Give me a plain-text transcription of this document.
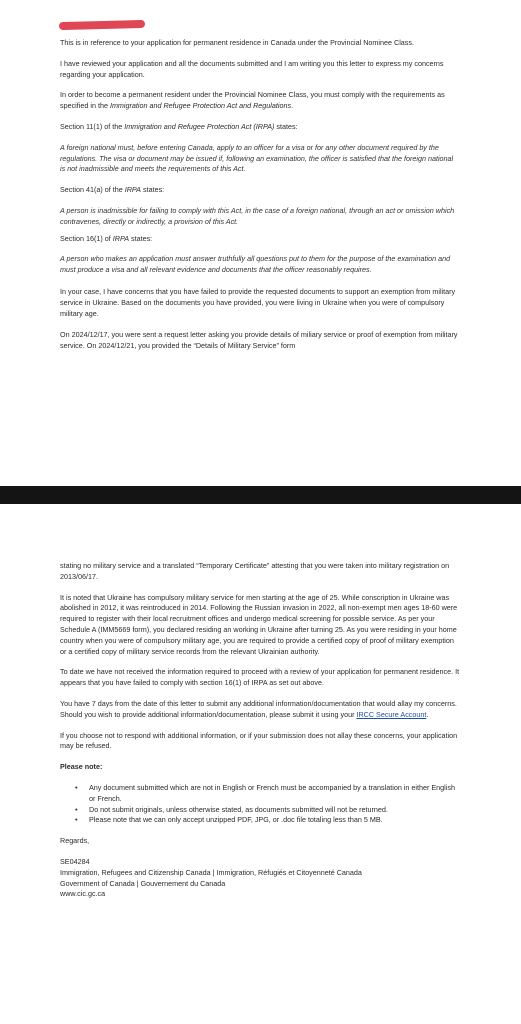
This is in reference to your application for permanent residence in Canada under the Provincial Nominee Class.

I have reviewed your application and all the documents submitted and I am writing you this letter to express my concerns regarding your application.

In order to become a permanent resident under the Provincial Nominee Class, you must comply with the requirements as specified in the Immigration and Refugee Protection Act and Regulations.

Section 11(1) of the Immigration and Refugee Protection Act (IRPA) states:

A foreign national must, before entering Canada, apply to an officer for a visa or for any other document required by the regulations. The visa or document may be issued if, following an examination, the officer is satisfied that the foreign national is not inadmissible and meets the requirements of this Act.

Section 41(a) of the IRPA states:

A person is inadmissible for failing to comply with this Act, in the case of a foreign national, through an act or omission which contravenes, directly or indirectly, a provision of this Act.

Section 16(1) of IRPA states:

A person who makes an application must answer truthfully all questions put to them for the purpose of the examination and must produce a visa and all relevant evidence and documents that the officer reasonably requires.

In your case, I have concerns that you have failed to provide the requested documents to support an exemption from military service in Ukraine. Based on the documents you have provided, you were living in Ukraine when you were of compulsory military age.

On 2024/12/17, you were sent a request letter asking you provide details of miliary service or proof of exemption from military service. On 2024/12/21, you provided the “Details of Military Service” form

stating no military service and a translated “Temporary Certificate” attesting that you were taken into military registration on 2013/06/17.

It is noted that Ukraine has compulsory military service for men starting at the age of 25. While conscription in Ukraine was abolished in 2012, it was reintroduced in 2014. Following the Russian invasion in 2022, all non-exempt men ages 18-60 were required to register with their local recruitment offices and undergo medical screening for possible service. As per your Schedule A (IMM5669 form), you declared residing an working in Ukraine after turning 25. As you were residing in your home country when you were of compulsory military age, you are required to provide a certified copy of proof of military exemption or a certified copy of military service records from the relevant Ukrainian authority.

To date we have not received the information required to proceed with a review of your application for permanent residence. It appears that you have failed to comply with section 16(1) of IRPA as set out above.

You have 7 days from the date of this letter to submit any additional information/documentation that would allay my concerns. Should you wish to provide additional information/documentation, please submit it using your IRCC Secure Account.

If you choose not to respond with additional information, or if your submission does not allay these concerns, your application may be refused.

Please note:

• Any document submitted which are not in English or French must be accompanied by a translation in either English or French.
• Do not submit originals, unless otherwise stated, as documents submitted will not be returned.
• Please note that we can only accept unzipped PDF, JPG, or .doc file totaling less than 5 MB.

Regards,

SE04284

Immigration, Refugees and Citizenship Canada | Immigration, Réfugiés et Citoyenneté Canada

Government of Canada | Gouvernement du Canada

www.cic.gc.ca
